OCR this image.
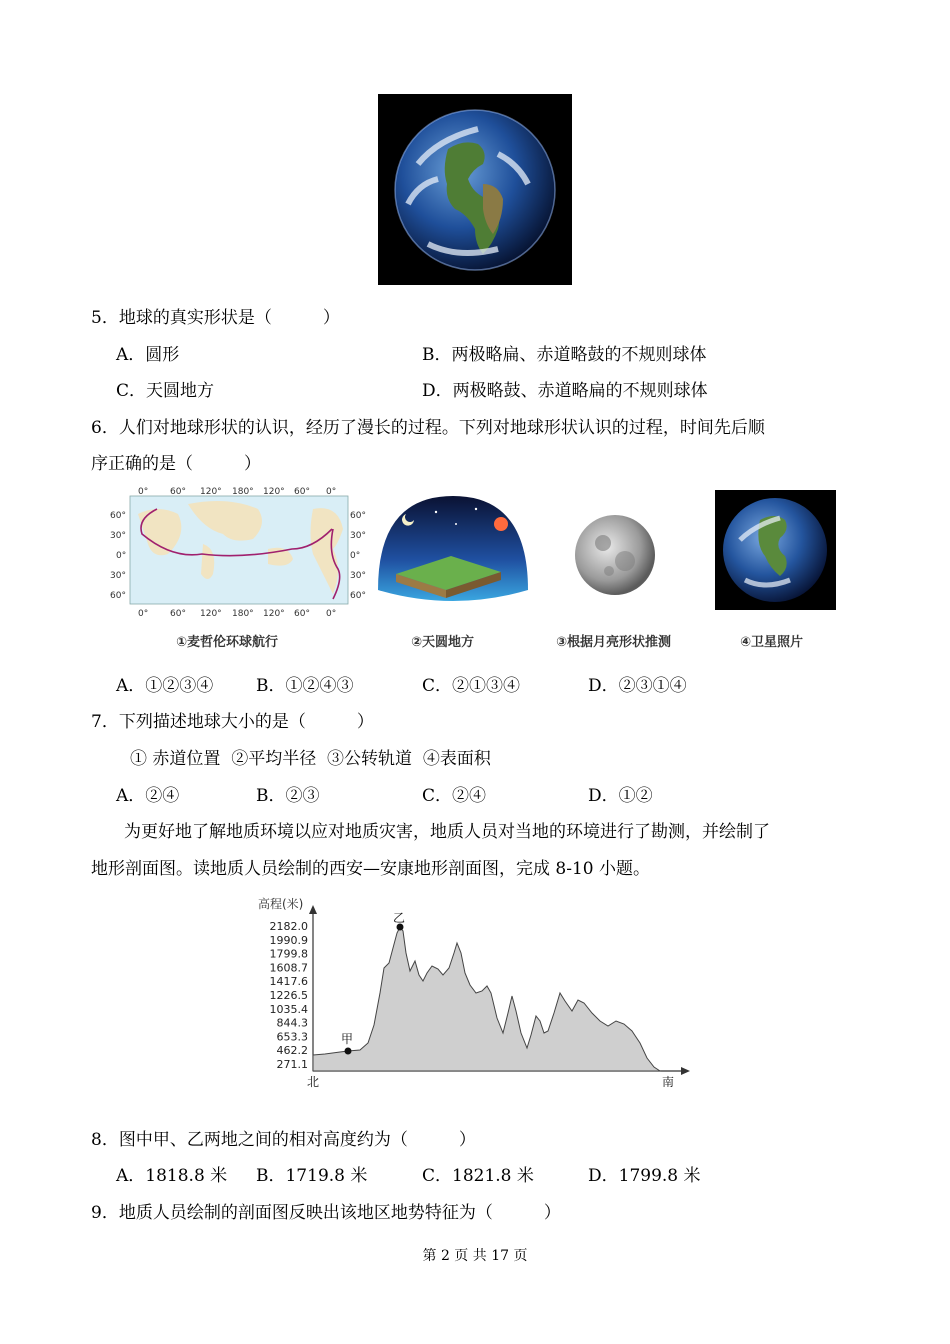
5．地球的真实形状是（　　　）
A．圆形	B．两极略扁、赤道略鼓的不规则球体
C．天圆地方	D．两极略鼓、赤道略扁的不规则球体
6．人们对地球形状的认识，经历了漫长的过程。下列对地球形状认识的过程，时间先后顺
序正确的是（　　　）
0° 60° 120° 180° 120° 60° 0°
0° 60° 120° 180° 120° 60° 0°
60°
30°
0°
30°
60°
60°
30°
0°
30°
60°
①麦哲伦环球航行	②天圆地方	③根据月亮形状推测	④卫星照片
A．①②③④	B．①②④③	C．②①③④	D．②③①④
7．下列描述地球大小的是（　　　）
① 赤道位置  ②平均半径  ③公转轨道  ④表面积
A．②④	B．②③	C．②④	D．①②
为更好地了解地质环境以应对地质灾害，地质人员对当地的环境进行了勘测，并绘制了
地形剖面图。读地质人员绘制的西安—安康地形剖面图，完成 8-10 小题。
高程(米)
2182.0
1990.9
1799.8
1608.7
1417.6
1226.5
1035.4
844.3
653.3
462.2
271.1
甲
乙
北	南
8．图中甲、乙两地之间的相对高度约为（　　　）
A．1818.8 米 B．1719.8 米	C．1821.8 米	D．1799.8 米
9．地质人员绘制的剖面图反映出该地区地势特征为（　　　）
第 2 页 共 17 页
